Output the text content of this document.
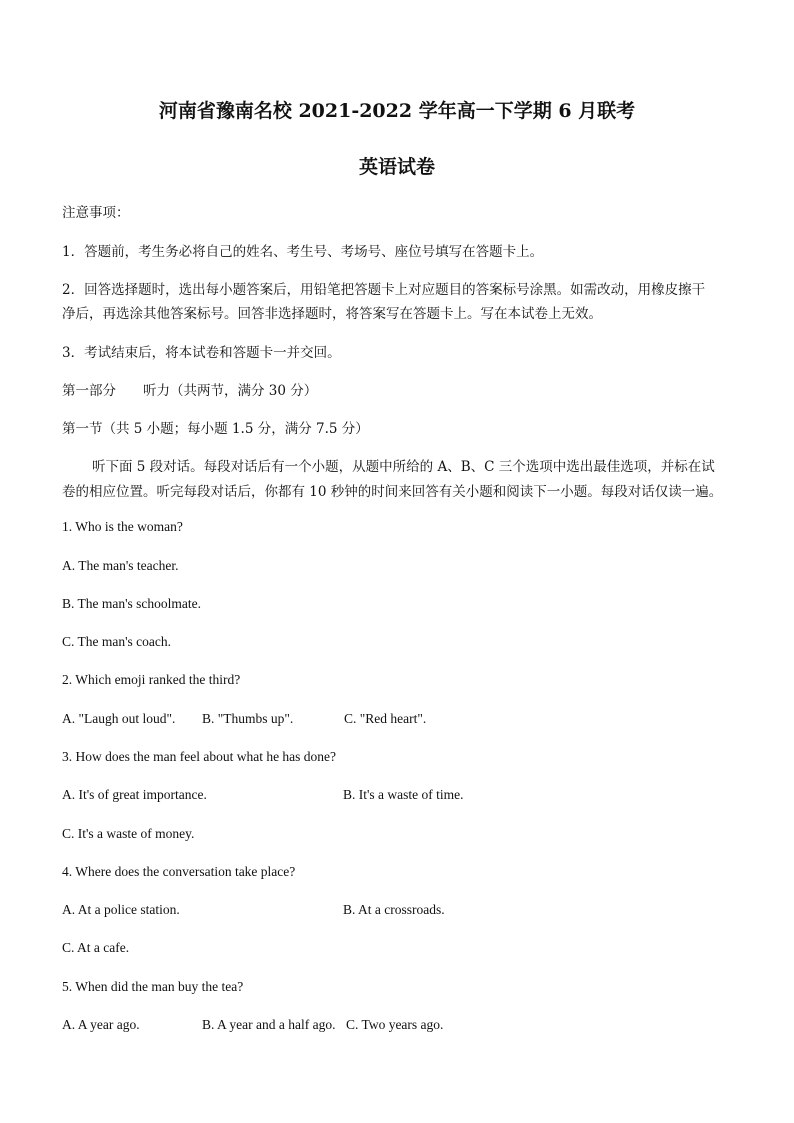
河南省豫南名校 2021-2022 学年高一下学期 6 月联考
英语试卷
注意事项：
1．答题前，考生务必将自己的姓名、考生号、考场号、座位号填写在答题卡上。
2．回答选择题时，选出每小题答案后，用铅笔把答题卡上对应题目的答案标号涂黑。如需改动，用橡皮擦干
净后，再选涂其他答案标号。回答非选择题时，将答案写在答题卡上。写在本试卷上无效。
3．考试结束后，将本试卷和答题卡一并交回。
第一部分　　听力（共两节，满分 30 分）
第一节（共 5 小题；每小题 1.5 分，满分 7.5 分）
听下面 5 段对话。每段对话后有一个小题，从题中所给的 A、B、C 三个选项中选出最佳选项，并标在试
卷的相应位置。听完每段对话后，你都有 10 秒钟的时间来回答有关小题和阅读下一小题。每段对话仅读一遍。
1. Who is the woman?
A. The man's teacher.
B. The man's schoolmate.
C. The man's coach.
2. Which emoji ranked the third?
A. "Laugh out loud". B. "Thumbs up".	C. "Red heart".
3. How does the man feel about what he has done?
A. It's of great importance.	B. It's a waste of time.
C. It's a waste of money.
4. Where does the conversation take place?
A. At a police station.	B. At a crossroads.
C. At a cafe.
5. When did the man buy the tea?
A. A year ago.	B. A year and a half ago. C. Two years ago.
